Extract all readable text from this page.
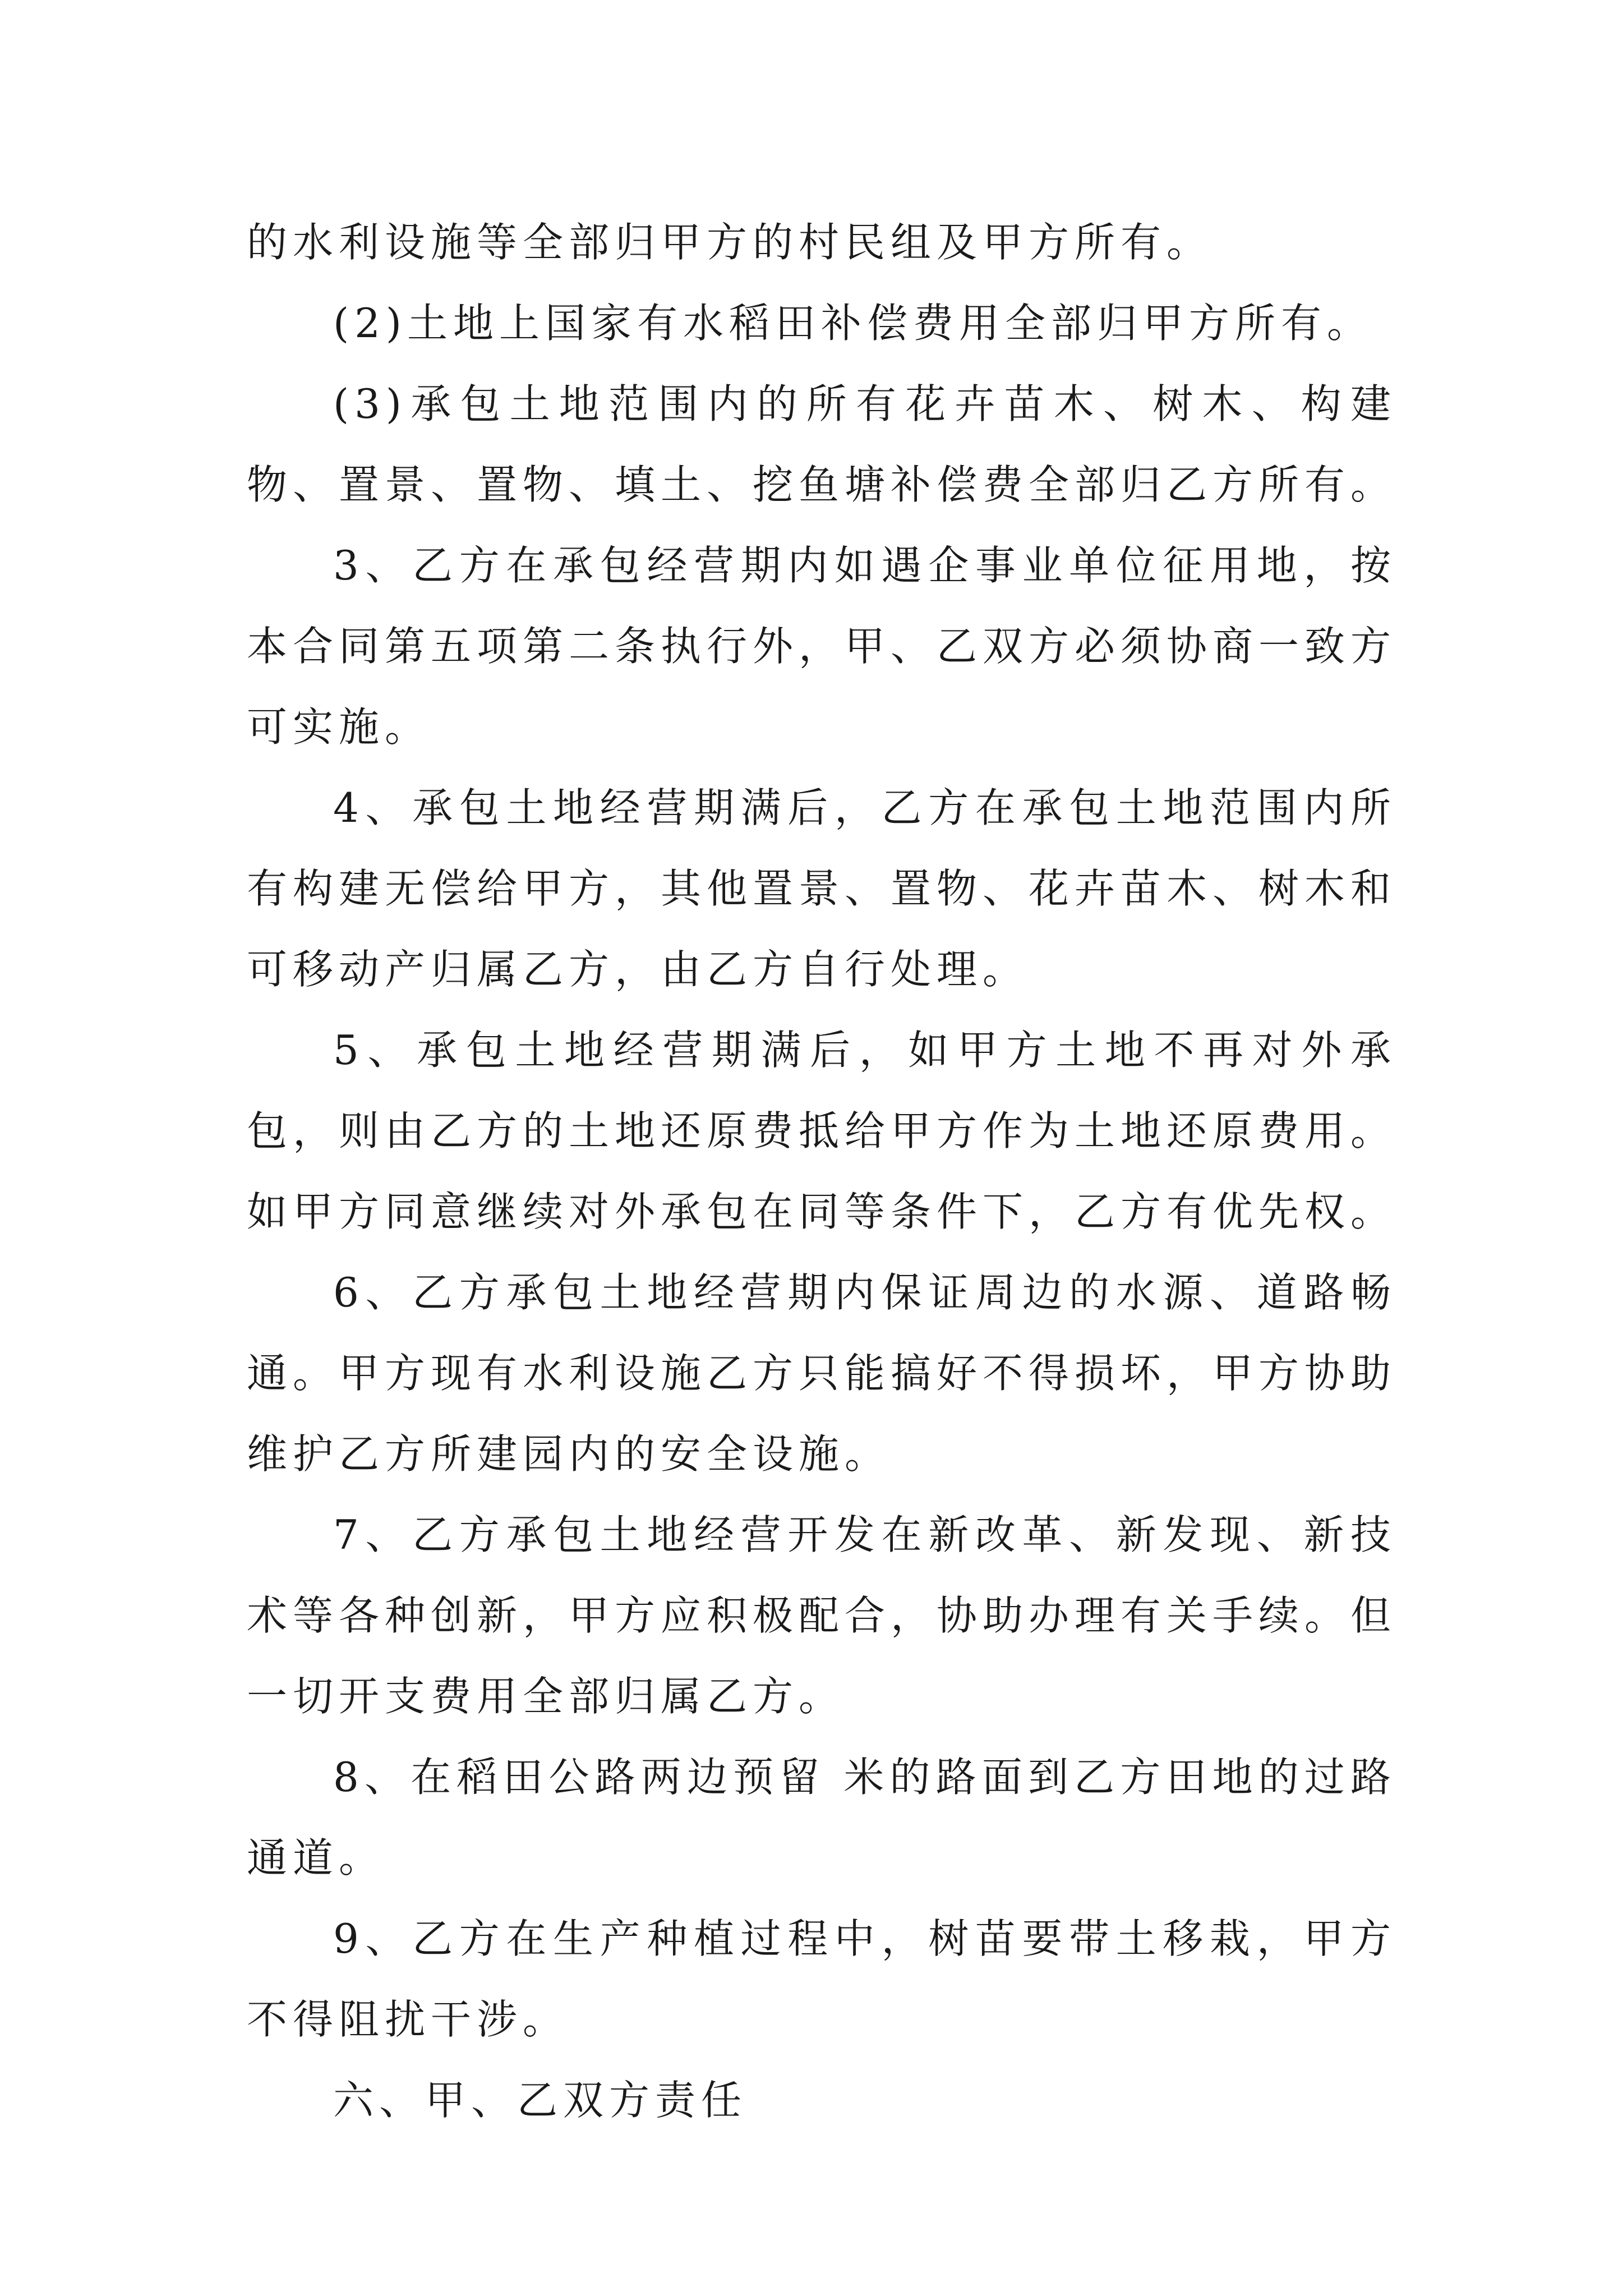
的水利设施等全部归甲方的村民组及甲方所有。

(2)土地上国家有水稻田补偿费用全部归甲方所有。

(3)承包土地范围内的所有花卉苗木、树木、构建物、置景、置物、填土、挖鱼塘补偿费全部归乙方所有。

3、乙方在承包经营期内如遇企事业单位征用地，按本合同第五项第二条执行外，甲、乙双方必须协商一致方可实施。

4、承包土地经营期满后，乙方在承包土地范围内所有构建无偿给甲方，其他置景、置物、花卉苗木、树木和可移动产归属乙方，由乙方自行处理。

5、承包土地经营期满后，如甲方土地不再对外承包，则由乙方的土地还原费抵给甲方作为土地还原费用。如甲方同意继续对外承包在同等条件下，乙方有优先权。

6、乙方承包土地经营期内保证周边的水源、道路畅通。甲方现有水利设施乙方只能搞好不得损坏，甲方协助维护乙方所建园内的安全设施。

7、乙方承包土地经营开发在新改革、新发现、新技术等各种创新，甲方应积极配合，协助办理有关手续。但一切开支费用全部归属乙方。

8、在稻田公路两边预留 米的路面到乙方田地的过路通道。

9、乙方在生产种植过程中，树苗要带土移栽，甲方不得阻扰干涉。

六、甲、乙双方责任
